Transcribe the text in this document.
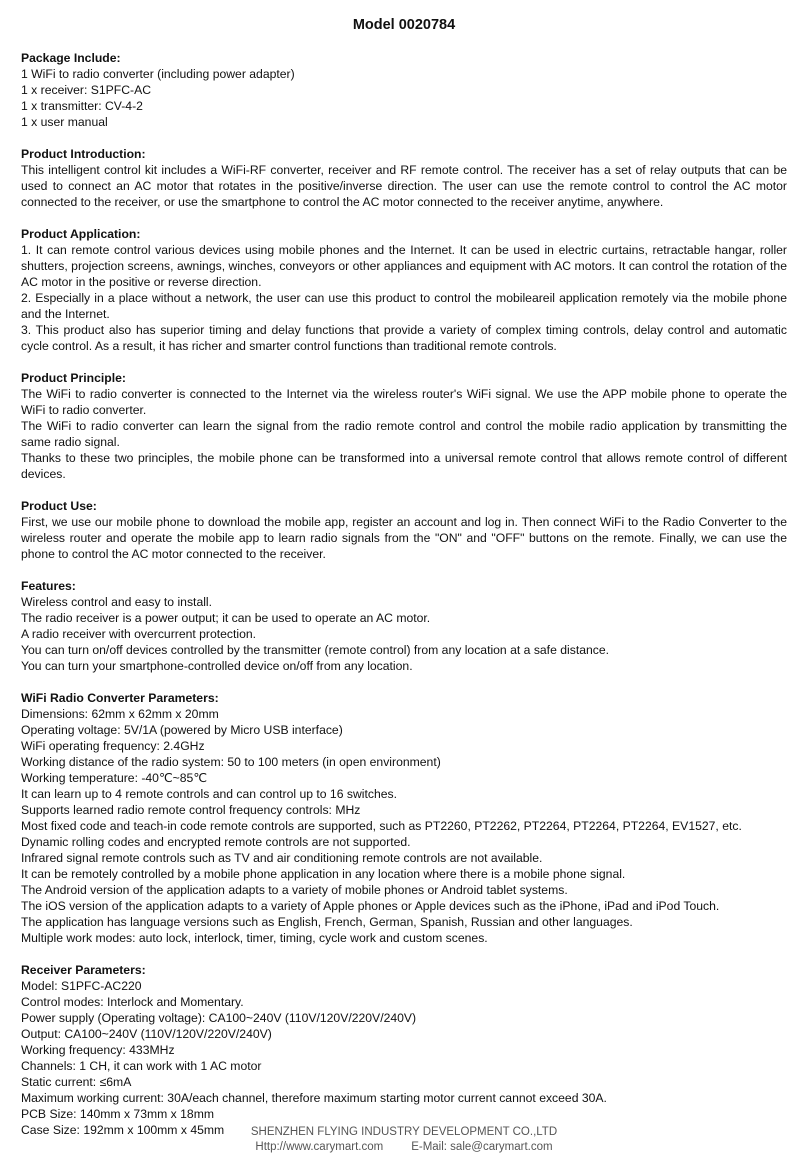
Model 0020784
Package Include:
1 WiFi to radio converter (including power adapter)
1 x receiver: S1PFC-AC
1 x transmitter: CV-4-2
1 x user manual
Product Introduction:
This intelligent control kit includes a WiFi-RF converter, receiver and RF remote control. The receiver has a set of relay outputs that can be used to connect an AC motor that rotates in the positive/inverse direction. The user can use the remote control to control the AC motor connected to the receiver, or use the smartphone to control the AC motor connected to the receiver anytime, anywhere.
Product Application:
1. It can remote control various devices using mobile phones and the Internet. It can be used in electric curtains, retractable hangar, roller shutters, projection screens, awnings, winches, conveyors or other appliances and equipment with AC motors. It can control the rotation of the AC motor in the positive or reverse direction.
2. Especially in a place without a network, the user can use this product to control the mobileareil application remotely via the mobile phone and the Internet.
3. This product also has superior timing and delay functions that provide a variety of complex timing controls, delay control and automatic cycle control. As a result, it has richer and smarter control functions than traditional remote controls.
Product Principle:
The WiFi to radio converter is connected to the Internet via the wireless router's WiFi signal. We use the APP mobile phone to operate the WiFi to radio converter.
The WiFi to radio converter can learn the signal from the radio remote control and control the mobile radio application by transmitting the same radio signal.
Thanks to these two principles, the mobile phone can be transformed into a universal remote control that allows remote control of different devices.
Product Use:
First, we use our mobile phone to download the mobile app, register an account and log in. Then connect WiFi to the Radio Converter to the wireless router and operate the mobile app to learn radio signals from the "ON" and "OFF" buttons on the remote. Finally, we can use the phone to control the AC motor connected to the receiver.
Features:
Wireless control and easy to install.
The radio receiver is a power output; it can be used to operate an AC motor.
A radio receiver with overcurrent protection.
You can turn on/off devices controlled by the transmitter (remote control) from any location at a safe distance.
You can turn your smartphone-controlled device on/off from any location.
WiFi Radio Converter Parameters:
Dimensions: 62mm x 62mm x 20mm
Operating voltage: 5V/1A (powered by Micro USB interface)
WiFi operating frequency: 2.4GHz
Working distance of the radio system: 50 to 100 meters (in open environment)
Working temperature: -40℃~85℃
It can learn up to 4 remote controls and can control up to 16 switches.
Supports learned radio remote control frequency controls: MHz
Most fixed code and teach-in code remote controls are supported, such as PT2260, PT2262, PT2264, PT2264, PT2264, EV1527, etc.
Dynamic rolling codes and encrypted remote controls are not supported.
Infrared signal remote controls such as TV and air conditioning remote controls are not available.
It can be remotely controlled by a mobile phone application in any location where there is a mobile phone signal.
The Android version of the application adapts to a variety of mobile phones or Android tablet systems.
The iOS version of the application adapts to a variety of Apple phones or Apple devices such as the iPhone, iPad and iPod Touch.
The application has language versions such as English, French, German, Spanish, Russian and other languages.
Multiple work modes: auto lock, interlock, timer, timing, cycle work and custom scenes.
Receiver Parameters:
Model: S1PFC-AC220
Control modes: Interlock and Momentary.
Power supply (Operating voltage): CA100~240V (110V/120V/220V/240V)
Output: CA100~240V (110V/120V/220V/240V)
Working frequency: 433MHz
Channels: 1 CH, it can work with 1 AC motor
Static current: ≤6mA
Maximum working current: 30A/each channel, therefore maximum starting motor current cannot exceed 30A.
PCB Size: 140mm x 73mm x 18mm
Case Size: 192mm x 100mm x 45mm	SHENZHEN FLYING INDUSTRY DEVELOPMENT CO.,LTD
Http://www.carymart.com E-Mail: sale@carymart.com
